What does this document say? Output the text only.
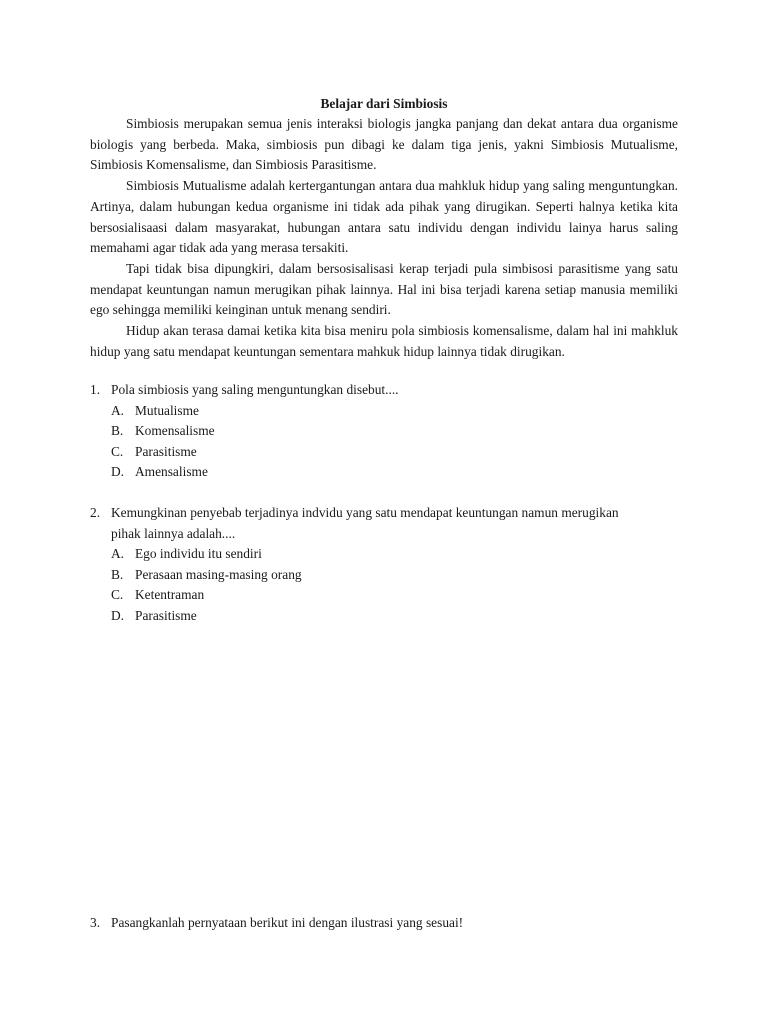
Belajar dari Simbiosis

Simbiosis merupakan semua jenis interaksi biologis jangka panjang dan dekat antara dua organisme biologis yang berbeda. Maka, simbiosis pun dibagi ke dalam tiga jenis, yakni Simbiosis Mutualisme, Simbiosis Komensalisme, dan Simbiosis Parasitisme.

Simbiosis Mutualisme adalah kertergantungan antara dua mahkluk hidup yang saling menguntungkan. Artinya, dalam hubungan kedua organisme ini tidak ada pihak yang dirugikan. Seperti halnya ketika kita bersosialisaasi dalam masyarakat, hubungan antara satu individu dengan individu lainya harus saling memahami agar tidak ada yang merasa tersakiti.

Tapi tidak bisa dipungkiri, dalam bersosisalisasi kerap terjadi pula simbisosi parasitisme yang satu mendapat keuntungan namun merugikan pihak lainnya. Hal ini bisa terjadi karena setiap manusia memiliki ego sehingga memiliki keinginan untuk menang sendiri.

Hidup akan terasa damai ketika kita bisa meniru pola simbiosis komensalisme, dalam hal ini mahkluk hidup yang satu mendapat keuntungan sementara mahkuk hidup lainnya tidak dirugikan.

1. Pola simbiosis yang saling menguntungkan disebut....
A. Mutualisme
B. Komensalisme
C. Parasitisme
D. Amensalisme
2. Kemungkinan penyebab terjadinya indvidu yang satu mendapat keuntungan namun merugikan pihak lainnya adalah....
A. Ego individu itu sendiri
B. Perasaan masing-masing orang
C. Ketentraman
D. Parasitisme
3. Pasangkanlah pernyataan berikut ini dengan ilustrasi yang sesuai!
